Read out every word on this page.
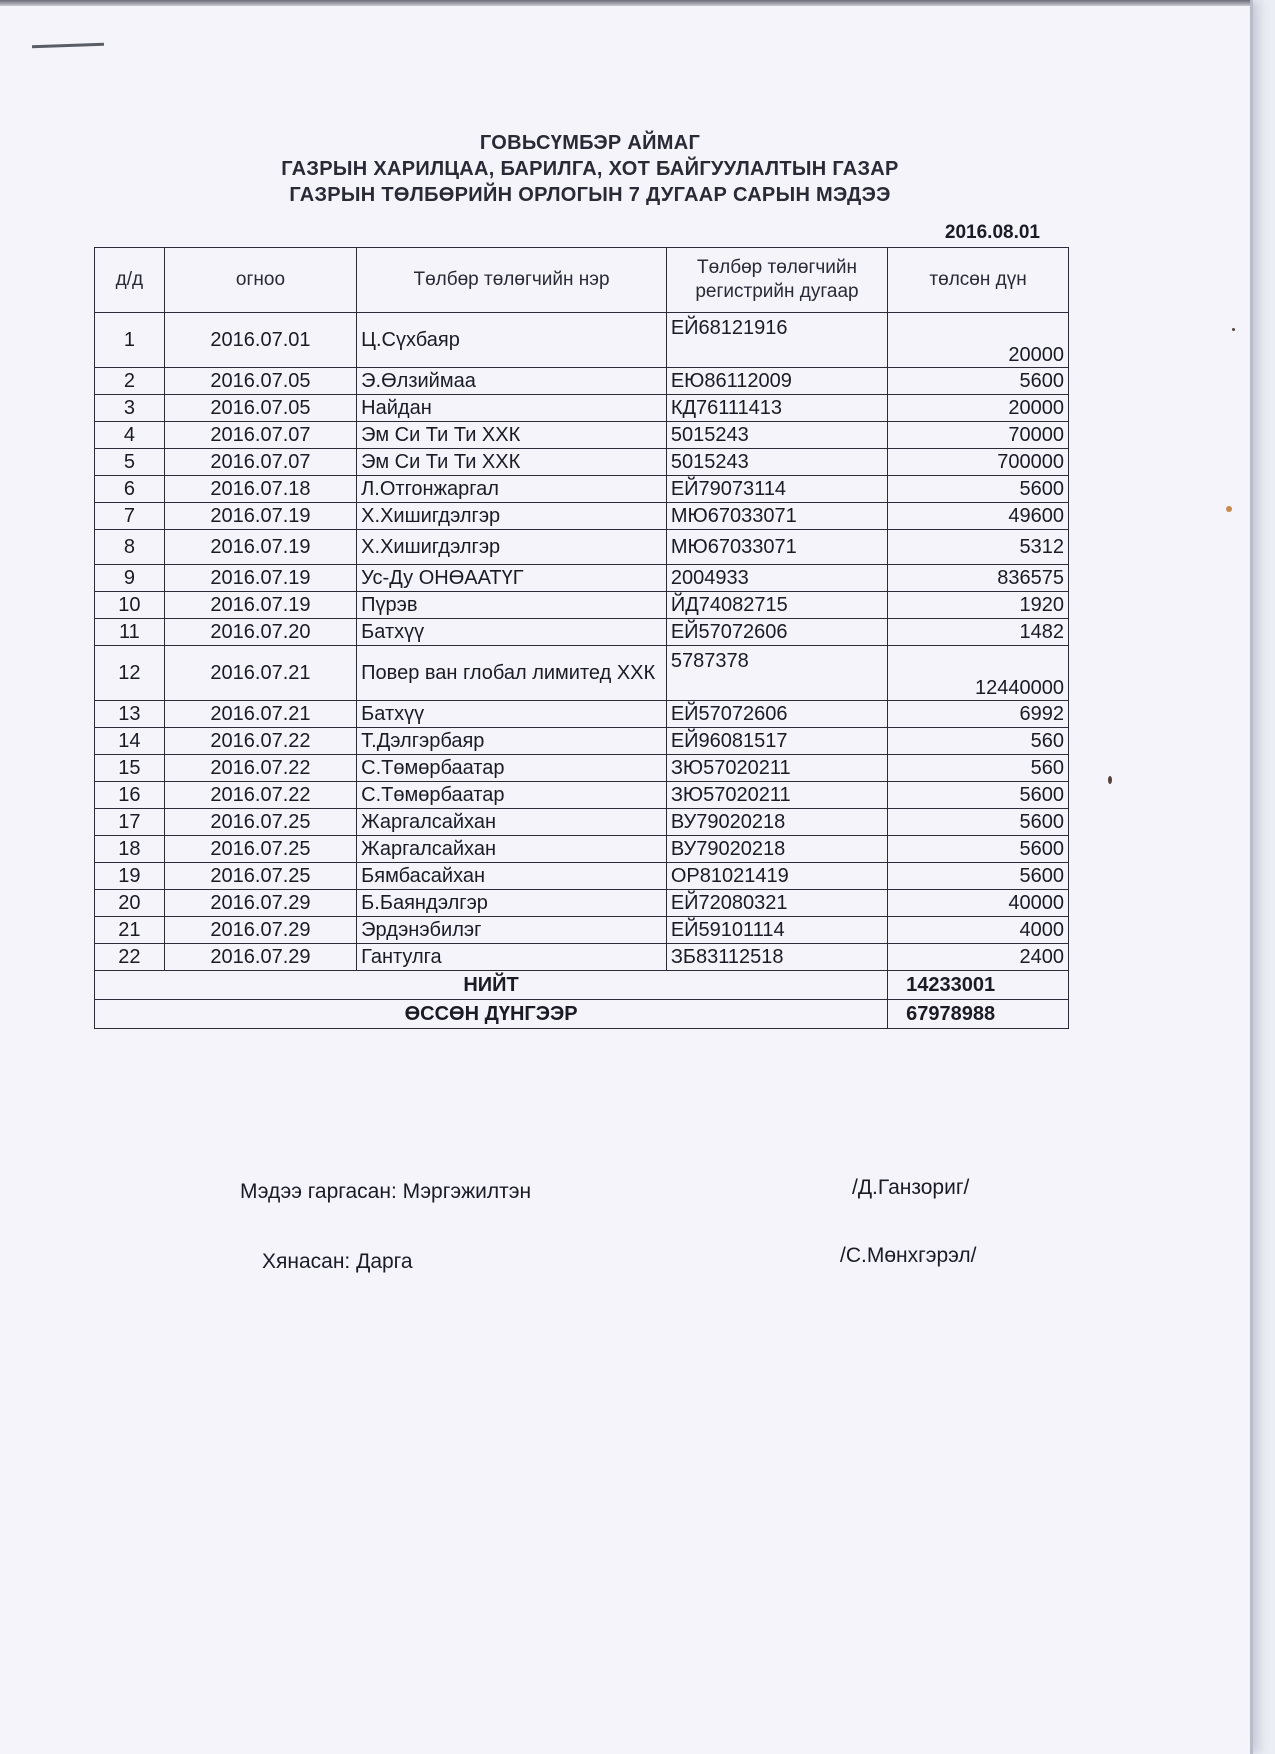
ГОВЬСҮМБЭР АЙМАГ
ГАЗРЫН ХАРИЛЦАА, БАРИЛГА, ХОТ БАЙГУУЛАЛТЫН ГАЗАР
ГАЗРЫН ТӨЛБӨРИЙН ОРЛОГЫН 7 ДУГААР САРЫН МЭДЭЭ
2016.08.01
д/д	огноо	Төлбөр төлөгчийн нэр	Төлбөр төлөгчийн регистрийн дугаар	төлсөн дүн
1	2016.07.01	Ц.Сүхбаяр	ЕЙ68121916	20000
2	2016.07.05	Э.Өлзиймаа	ЕЮ86112009	5600
3	2016.07.05	Найдан	КД76111413	20000
4	2016.07.07	Эм Си Ти Ти ХХК	5015243	70000
5	2016.07.07	Эм Си Ти Ти ХХК	5015243	700000
6	2016.07.18	Л.Отгонжаргал	ЕЙ79073114	5600
7	2016.07.19	Х.Хишигдэлгэр	МЮ67033071	49600
8	2016.07.19	Х.Хишигдэлгэр	МЮ67033071	5312
9	2016.07.19	Ус-Ду ОНӨААТҮГ	2004933	836575
10	2016.07.19	Пүрэв	ЙД74082715	1920
11	2016.07.20	Батхүү	ЕЙ57072606	1482
12	2016.07.21	Повер ван глобал лимитед ХХК	5787378	12440000
13	2016.07.21	Батхүү	ЕЙ57072606	6992
14	2016.07.22	Т.Дэлгэрбаяр	ЕЙ96081517	560
15	2016.07.22	С.Төмөрбаатар	ЗЮ57020211	560
16	2016.07.22	С.Төмөрбаатар	ЗЮ57020211	5600
17	2016.07.25	Жаргалсайхан	ВУ79020218	5600
18	2016.07.25	Жаргалсайхан	ВУ79020218	5600
19	2016.07.25	Бямбасайхан	ОР81021419	5600
20	2016.07.29	Б.Баяндэлгэр	ЕЙ72080321	40000
21	2016.07.29	Эрдэнэбилэг	ЕЙ59101114	4000
22	2016.07.29	Гантулга	ЗБ83112518	2400
НИЙТ				14233001
ӨССӨН ДҮНГЭЭР				67978988
Мэдээ гаргасан: Мэргэжилтэн	/Д.Ганзориг/
Хянасан: Дарга	/С.Мөнхгэрэл/
